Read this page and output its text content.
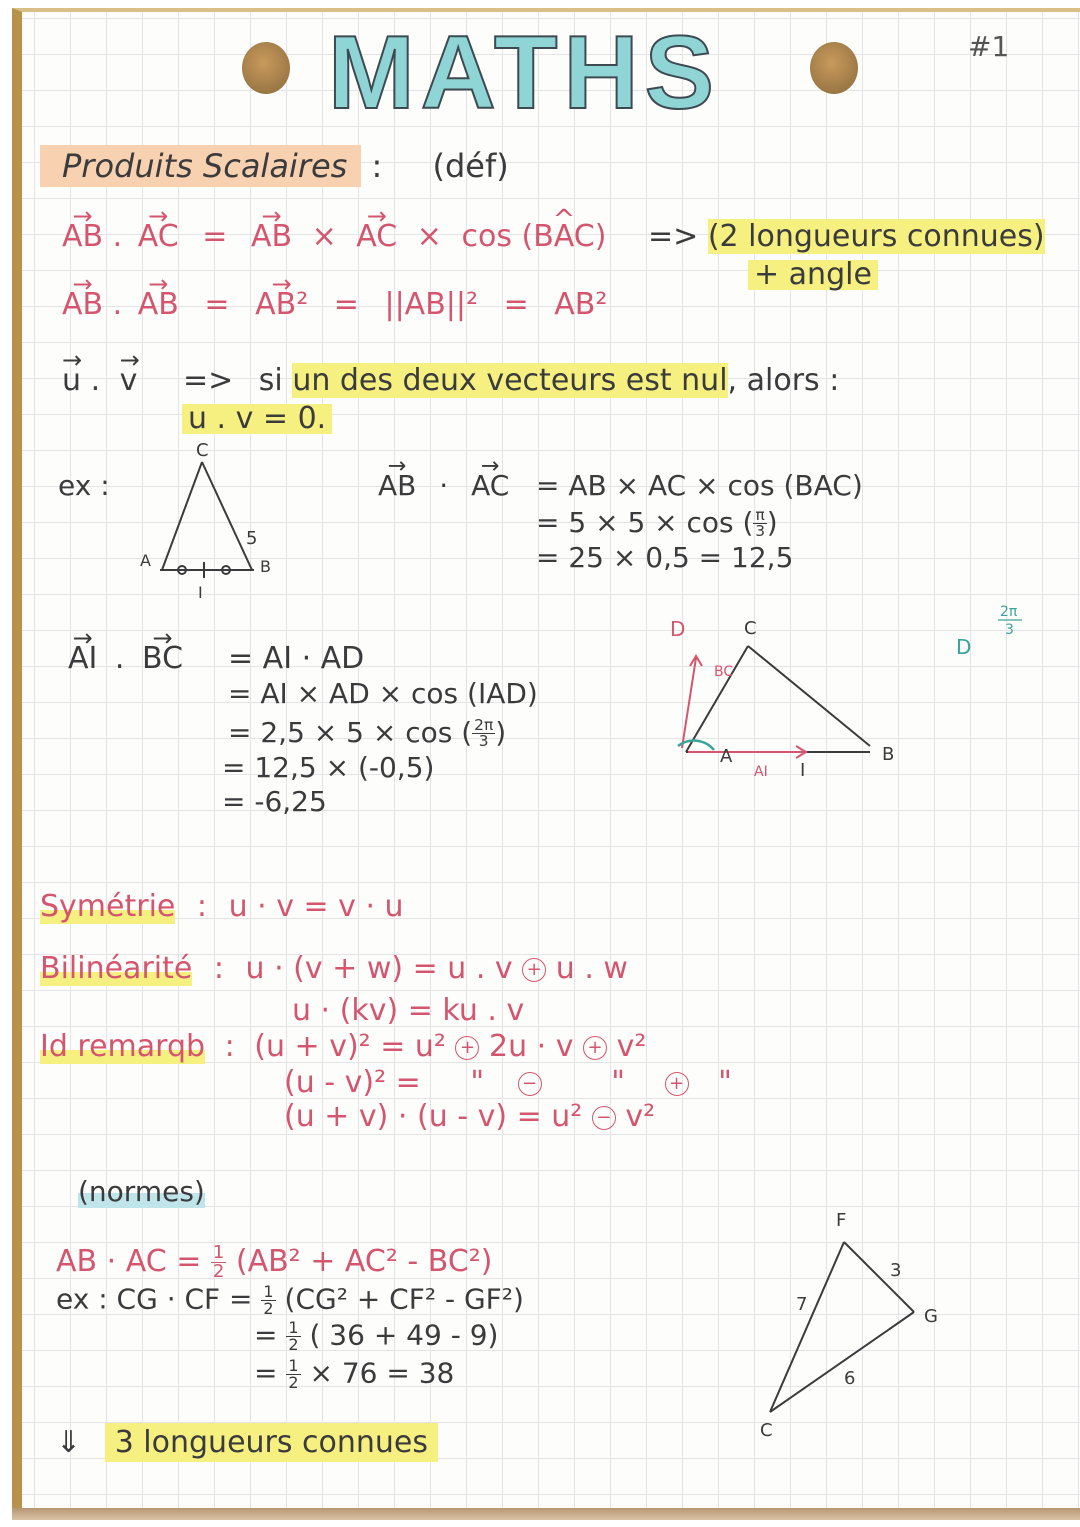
MATHS	#1
Produits Scalaires : (déf)
→ AB . → AC = → AB × → AC × cos (^ BAC) => (2 longueurs connues)
+ angle
→ AB . → AB = → AB² = ||AB||² = AB²
→ u . → v => si un des deux vecteurs est nul, alors :
u . v = 0.
ex :
C
A	B
I
5
→ AB · → AC = AB × AC × cos (BAC)
= 5 × 5 × cos ( $\frac{\pi}{3}$ )
= 25 × 0,5 = 12,5
→ AI . → BC = AI · AD
= AI × AD × cos (IAD)
= 2,5 × 5 × cos ( $\frac{2\pi}{3}$ )
= 12,5 × (-0,5)
= -6,25
C
A	B
I
D
BC
AI
D
2π
3
Symétrie : u · v = v · u
Bilinéarité : u · (v + w) = u . v + u . w
u · (kv) = ku . v
Id remarqb : (u + v)² = u² + 2u · v + v²
(u - v)² = " − " + "
(u + v) · (u - v) = u² − v²
(normes)
AB · AC = $\frac{1}{2} (AB^2 + AC^2 - BC^2)$
ex : CG · CF = $\frac{1}{2} (CG^2 + CF^2 - GF^2)$
= $\frac{1}{2}$ ( 36 + 49 - 9)
= $\frac{1}{2} \times 76 = 38$
F
G
C
7
3
6
⇓ 3 longueurs connues
